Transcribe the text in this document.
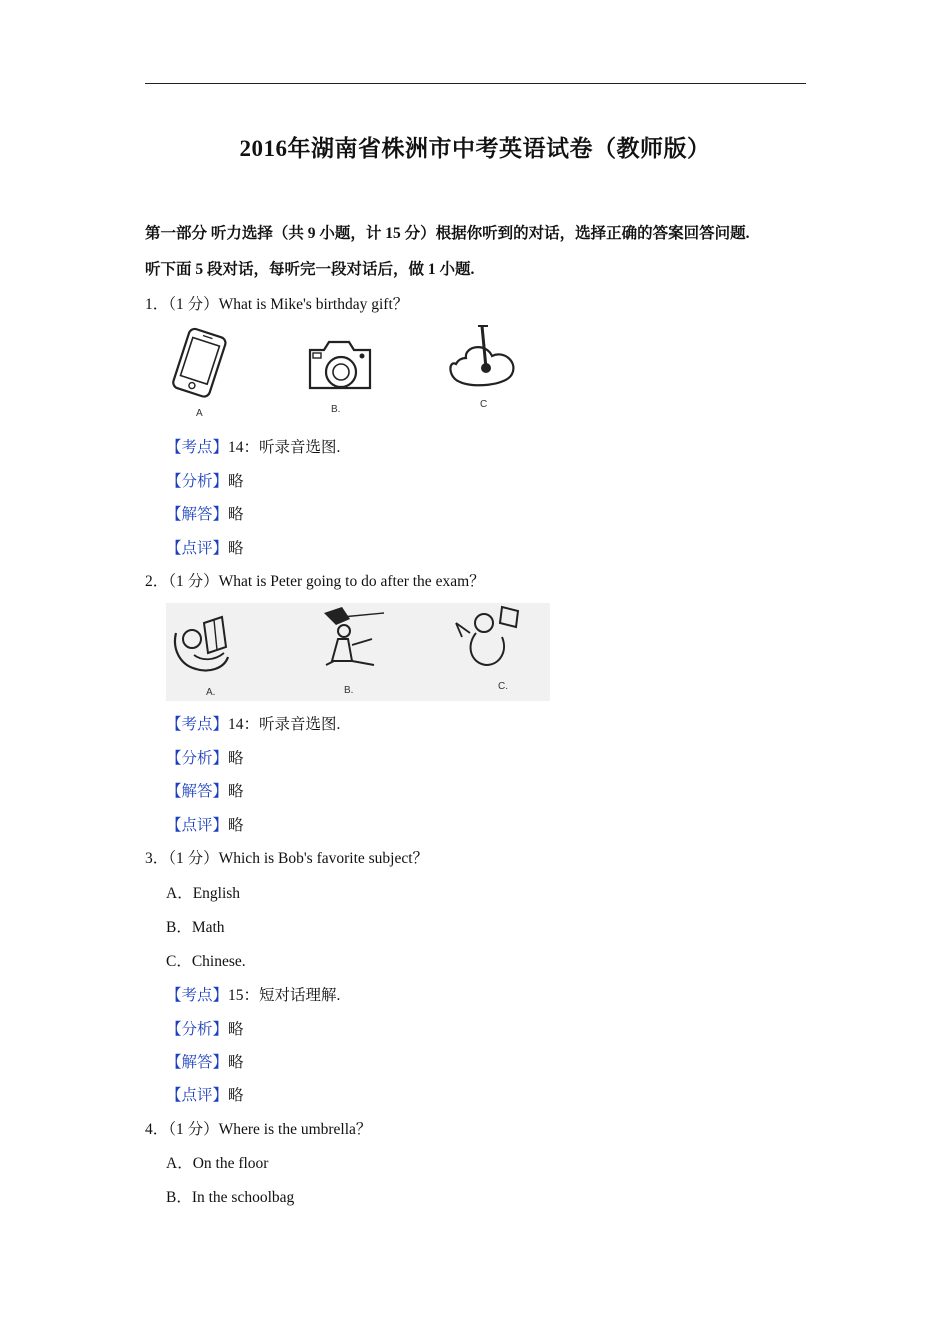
2016年湖南省株洲市中考英语试卷（教师版）
第一部分 听力选择（共 9 小题，计 15 分）根据你听到的对话，选择正确的答案回答问题.
听下面 5 段对话，每听完一段对话后，做 1 小题.
1．（1 分）What is Mike's birthday gift？
A	B.	C
【考点】14：听录音选图.
【分析】略
【解答】略
【点评】略
2．（1 分）What is Peter going to do after the exam？
A.	B.	C.
【考点】14：听录音选图.
【分析】略
【解答】略
【点评】略
3．（1 分）Which is Bob's favorite subject？
A．English
B．Math
C．Chinese.
【考点】15：短对话理解.
【分析】略
【解答】略
【点评】略
4．（1 分）Where is the umbrella？
A．On the floor
B．In the schoolbag
